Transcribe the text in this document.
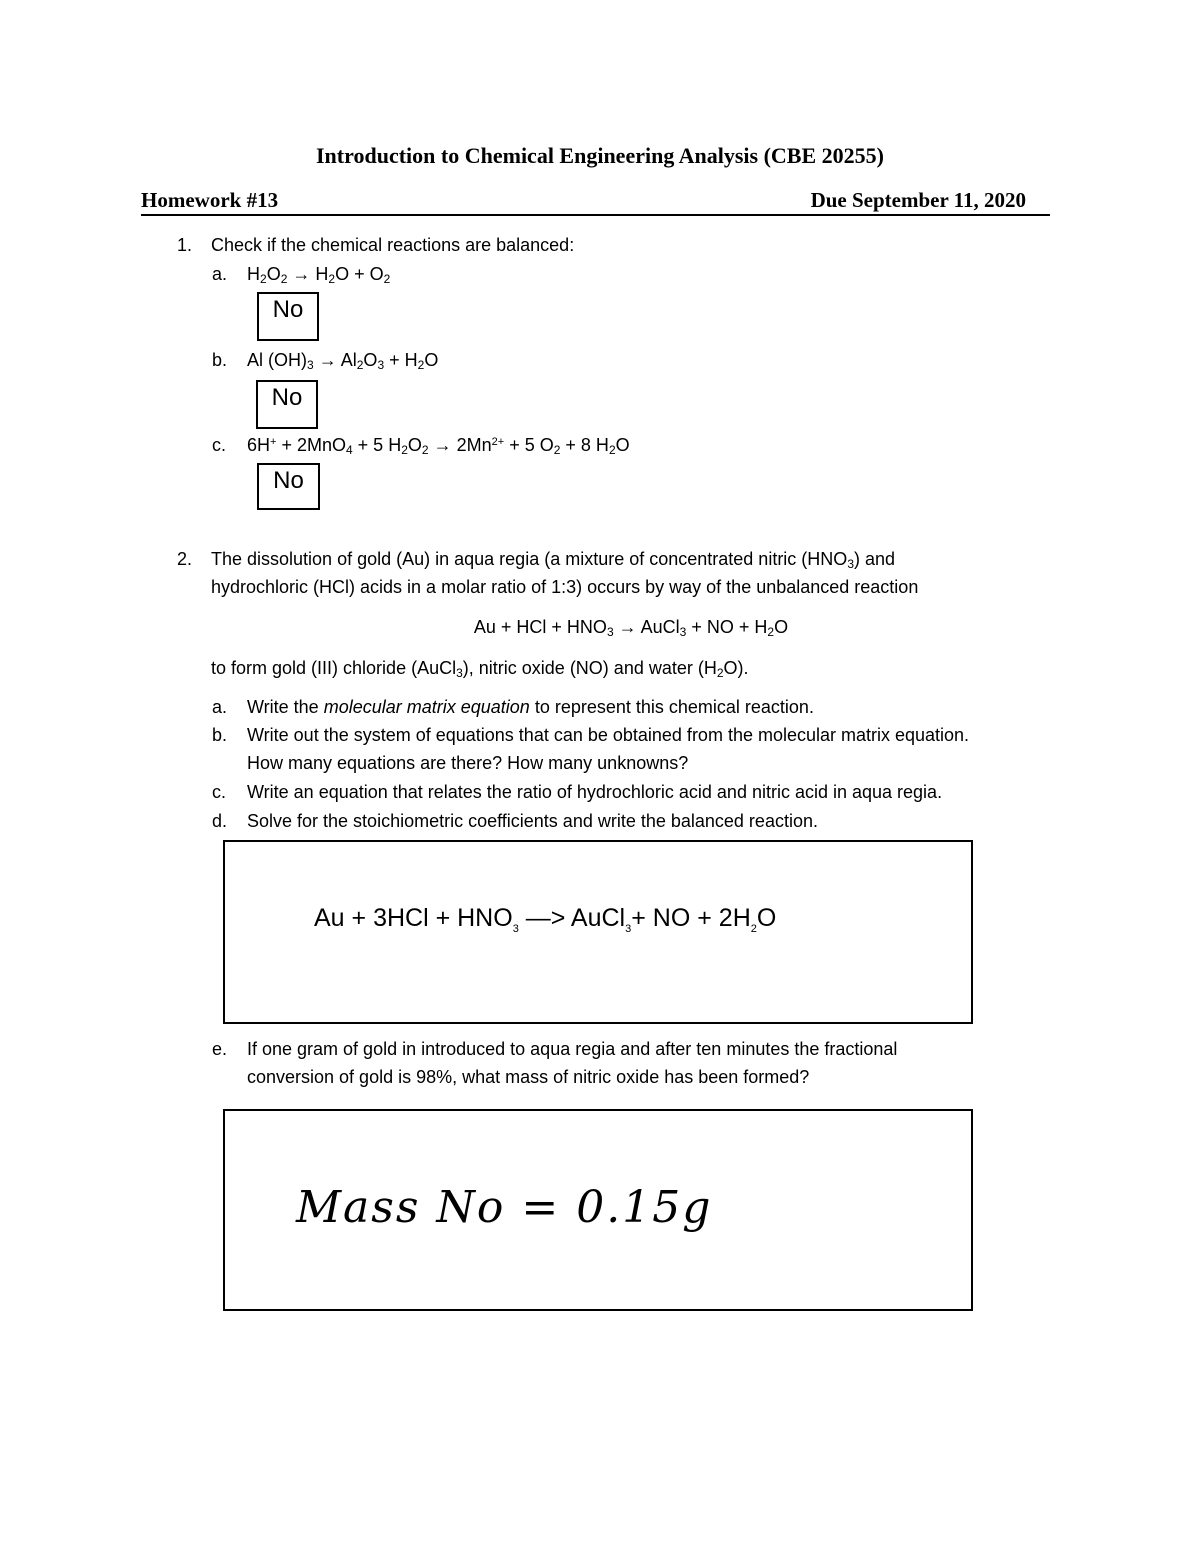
Introduction to Chemical Engineering Analysis (CBE 20255)
Homework #13	Due September 11, 2020
1. Check if the chemical reactions are balanced:
a. $H_2O_2 \to H_2O + O_2$
No
b. Al $(OH)_3 \to Al_2O_3 + H_2O$
No
c. 6H+ + 2MnO$_4$ + 5 $H_2O_2 \to 2Mn^{2+} + 5$ $O_2 + 8$ $H_2O$
No
2. The dissolution of gold (Au) in aqua regia (a mixture of concentrated nitric $(HNO_3)$ and
hydrochloric (HCl) acids in a molar ratio of 1:3) occurs by way of the unbalanced reaction
Au + HCl + $HNO_3$ → AuCl$_3$ + NO + $H_2O$
to form gold (III) chloride (AuCl$_3$), nitric oxide (NO) and water $(H_2O)$.
a. Write the molecular matrix equation to represent this chemical reaction.
b. Write out the system of equations that can be obtained from the molecular matrix equation.
How many equations are there? How many unknowns?
c. Write an equation that relates the ratio of hydrochloric acid and nitric acid in aqua regia.
d. Solve for the stoichiometric coefficients and write the balanced reaction.
$Au + 3HCl + HNO_3$ —> AuCl$_3$+ NO + $2H_2O$
e. If one gram of gold in introduced to aqua regia and after ten minutes the fractional
conversion of gold is 98%, what mass of nitric oxide has been formed?
Mass No = 0.15g
